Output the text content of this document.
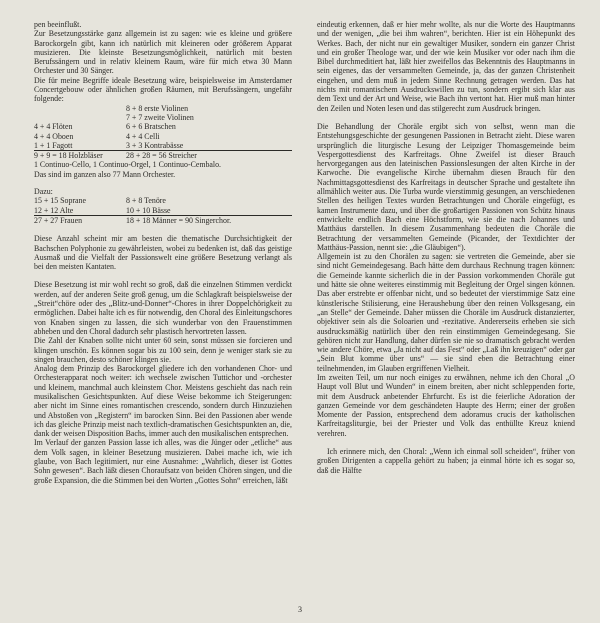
pen beeinflußt.

Zur Besetzungsstärke ganz allgemein ist zu sagen: wie es kleine und größere Barockorgeln gibt, kann ich natürlich mit kleineren oder größerem Apparat musizieren. Die kleinste Besetzungsmöglichkeit, natürlich mit besten Berufssängern und in relativ kleinem Raum, wäre für mich etwa 30 Mann Orchester und 30 Sänger.

Die für meine Begriffe ideale Besetzung wäre, beispielsweise im Amsterdamer Concertgebouw oder ähnlichen großen Räumen, mit Berufssängern, ungefähr folgende:

	8 + 8 erste Violinen
	7 + 7 zweite Violinen
4 + 4 Flöten	6 + 6 Bratschen
4 + 4 Oboen	4 + 4 Celli
1 + 1 Fagott	3 + 3 Kontrabässe
9 + 9 = 18 Holzbläser	28 + 28 = 56 Streicher

1 Continuo-Cello, 1 Continuo-Orgel, 1 Continuo-Cembalo.

Das sind im ganzen also 77 Mann Orchester.

Dazu:

15 + 15 Soprane	8 + 8 Tenöre
12 + 12 Alte	10 + 10 Bässe
27 + 27 Frauen	18 + 18 Männer = 90 Singerchor.

Diese Anzahl scheint mir am besten die thematische Durchsichtigkeit der Bachschen Polyphonie zu gewährleisten, wobei zu bedenken ist, daß das geistige Ausmaß und die Vielfalt der Passionswelt eine größere Besetzung verlangt als bei den meisten Kantaten.

Diese Besetzung ist mir wohl recht so groß, daß die einzelnen Stimmen verdickt werden, auf der anderen Seite groß genug, um die Schlagkraft beispielsweise der „Streit“chöre oder des „Blitz-und-Donner“-Chores in ihrer Doppelchörigkeit zu ermöglichen. Dabei halte ich es für notwendig, den Choral des Einleitungschores von Knaben singen zu lassen, die sich wunderbar von den Frauenstimmen abheben und den Choral dadurch sehr plastisch hervortreten lassen.

Die Zahl der Knaben sollte nicht unter 60 sein, sonst müssen sie forcieren und klingen unschön. Es können sogar bis zu 100 sein, denn je weniger stark sie zu singen brauchen, desto schöner klingen sie.

Analog dem Prinzip des Barockorgel gliedere ich den vorhandenen Chor- und Orchesterapparat noch weiter: ich wechsele zwischen Tuttichor und -orchester und kleinem, manchmal auch kleinstem Chor. Meistens geschieht das nach rein musikalischen Gesichtspunkten. Auf diese Weise bekomme ich Steigerungen: aber nicht im Sinne eines romantischen crescendo, sondern durch Hinzuziehen und Abstoßen von „Registern“ im barocken Sinn. Bei den Passionen aber wende ich das gleiche Prinzip meist nach textlich-dramatischen Gesichtspunkten an, die, dank der weisen Disposition Bachs, immer auch den musikalischen entsprechen.

Im Verlauf der ganzen Passion lasse ich alles, was die Jünger oder „etliche“ aus dem Volk sagen, in kleiner Besetzung musizieren. Dabei mache ich, wie ich glaube, von Bach legitimiert, nur eine Ausnahme: „Wahrlich, dieser ist Gottes Sohn gewesen“. Bach läßt diesen Choraufsatz von beiden Chören singen, und die große Expansion, die die Stimmen bei den Worten „Gottes Sohn“ erreichen, läßt

eindeutig erkennen, daß er hier mehr wollte, als nur die Worte des Hauptmanns und der wenigen, „die bei ihm wahren“, berichten. Hier ist ein Höhepunkt des Werkes. Bach, der nicht nur ein gewaltiger Musiker, sondern ein ganzer Christ und ein großer Theologe war, und der wie kein Musiker vor oder nach ihm die Bibel durchmeditiert hat, läßt hier zweifellos das Bekenntnis des Hauptmanns in sein eigenes, das der versammelten Gemeinde, ja, das der ganzen Christenheit eingehen, und dem muß in jedem Sinne Rechnung getragen werden. Das hat nichts mit romantischem Ausdruckswillen zu tun, sondern ergibt sich klar aus dem Text und der Art und Weise, wie Bach ihn vertont hat. Hier muß man hinter den Zeilen und Noten lesen und das stilgerecht zum Ausdruck bringen.

Die Behandlung der Choräle ergibt sich von selbst, wenn man die Entstehungsgeschichte der gesungenen Passionen in Betracht zieht. Diese waren ursprünglich die liturgische Lesung der Leipziger Thomasgemeinde beim Vespergottesdienst des Karfreitags. Ohne Zweifel ist dieser Brauch hervorgegangen aus den lateinischen Passionslesungen der alten Kirche in der Karwoche. Die evangelische Kirche übernahm diesen Brauch für den Nachmittagsgottesdienst des Karfreitags in deutscher Sprache und gestaltete ihn allmählich weiter aus. Die Turba wurde vierstimmig gesungen, an verschiedenen Stellen des heiligen Textes wurden Betrachtungen und Choräle eingefügt, es kamen Instrumente dazu, und über die großartigen Passionen von Schütz hinaus entwickelte endlich Bach eine Höchstform, wie sie die nach Johannes und Matthäus darstellen. In diesem Zusammenhang bedeuten die Choräle die Betrachtung der versammelten Gemeinde (Picander, der Textdichter der Matthäus-Passion, nennt sie: „die Gläubigen“).

Allgemein ist zu den Chorälen zu sagen: sie vertreten die Gemeinde, aber sie sind nicht Gemeindegesang. Bach hätte dem durchaus Rechnung tragen können: die Gemeinde kannte sicherlich die in der Passion vorkommenden Choräle gut und hätte sie ohne weiteres einstimmig mit Begleitung der Orgel singen können. Das aber erstrebte er offenbar nicht, und so bedeutet der vierstimmige Satz eine künstlerische Stilisierung, eine Heraushebung über den reinen Volksgesang, ein „an Stelle“ der Gemeinde. Daher müssen die Choräle im Ausdruck distanzierter, objektiver sein als die Soloarien und -rezitative. Andererseits erheben sie sich ausdrucksmäßig natürlich über den rein einstimmigen Gemeindegesang. Sie gehören nicht zur Handlung, daher dürfen sie nie so dramatisch gebracht werden wie andere Chöre, etwa „Ja nicht auf das Fest“ oder „Laß ihn kreuzigen“ oder gar „Sein Blut komme über uns“ — sie sind eben die Betrachtung einer teilnehmenden, im Glauben ergriffenen Vielheit.

Im zweiten Teil, um nur noch einiges zu erwähnen, nehme ich den Choral „O Haupt voll Blut und Wunden“ in einem breiten, aber nicht schleppenden forte, mit dem Ausdruck anbetender Ehrfurcht. Es ist die feierliche Adoration der ganzen Gemeinde vor dem geschändeten Haupte des Herrn; einer der großen Momente der Passion, entsprechend dem adoramus crucis der katholischen Karfreitagsliturgie, bei der Priester und Volk das enthüllte Kreuz kniend verehren.

Ich erinnere mich, den Choral: „Wenn ich einmal soll scheiden“, früher von großen Dirigenten a cappella gehört zu haben; ja einmal hörte ich es sogar so, daß die Hälfte

3
